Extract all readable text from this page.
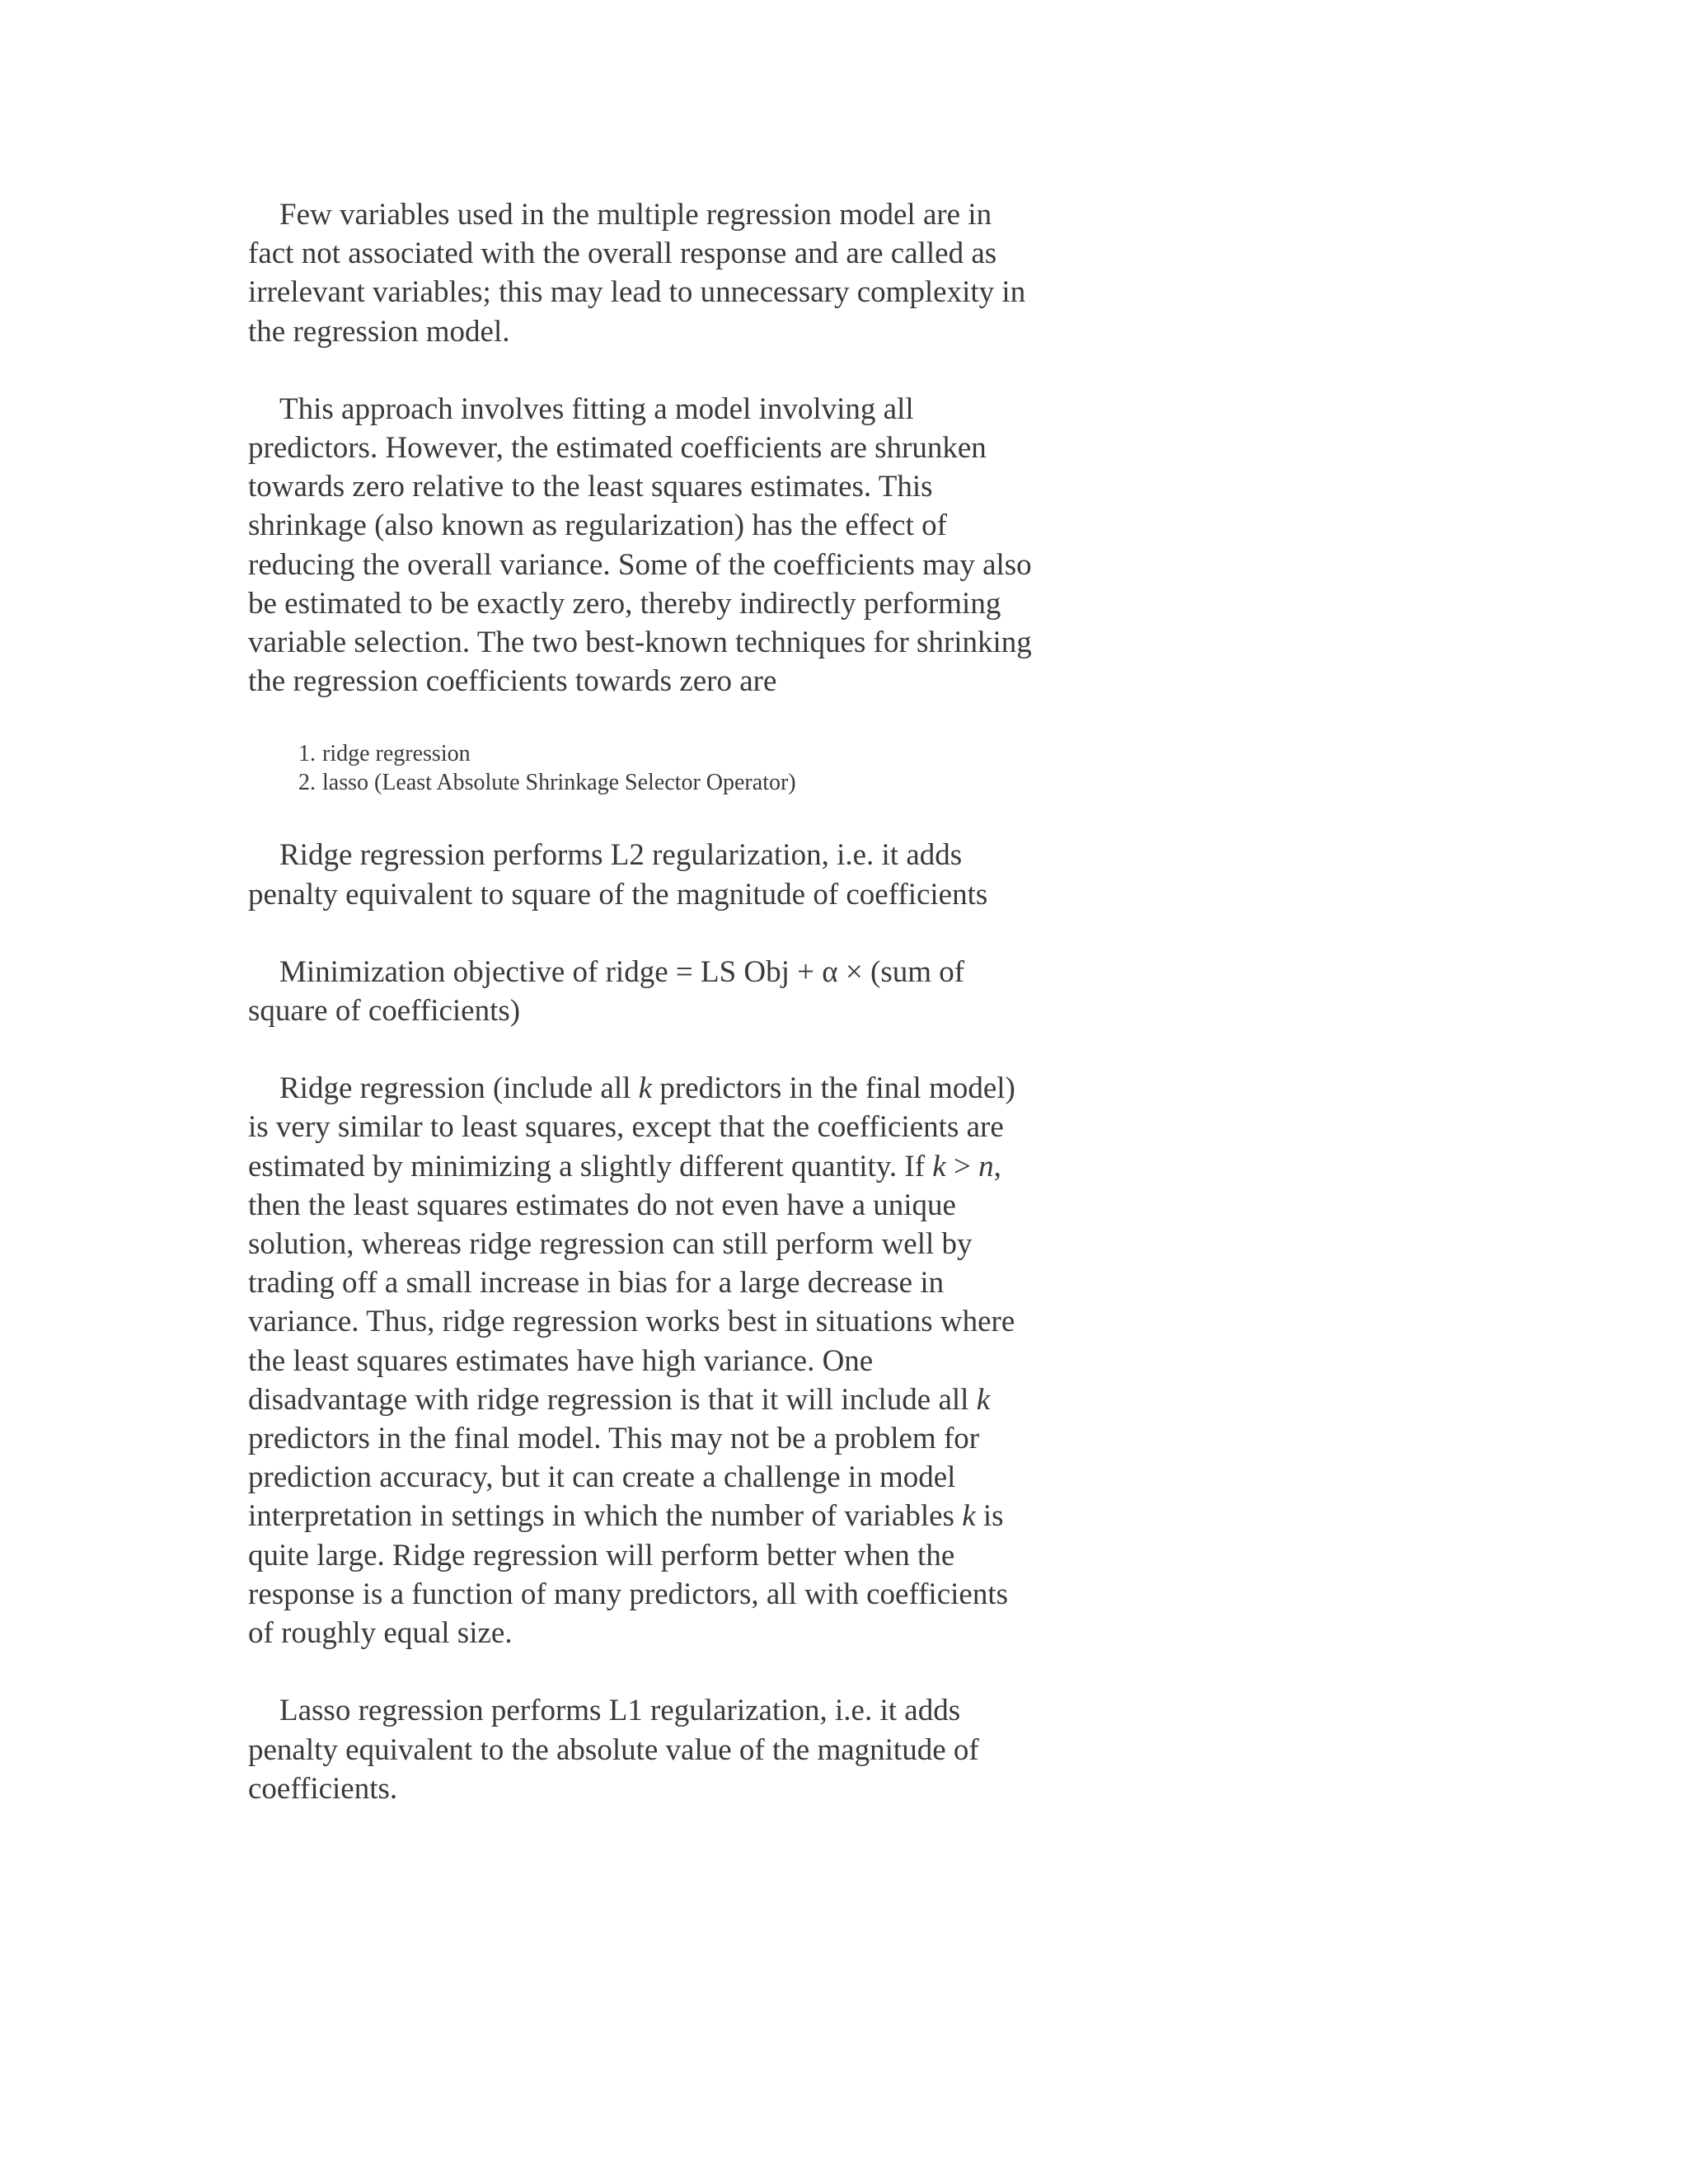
Few variables used in the multiple regression model are in fact not associated with the overall response and are called as irrelevant variables; this may lead to unnecessary complexity in the regression model.

This approach involves fitting a model involving all predictors. However, the estimated coefficients are shrunken towards zero relative to the least squares estimates. This shrinkage (also known as regularization) has the effect of reducing the overall variance. Some of the coefficients may also be estimated to be exactly zero, thereby indirectly performing variable selection. The two best-known techniques for shrinking the regression coefficients towards zero are

1. ridge regression
2. lasso (Least Absolute Shrinkage Selector Operator)

Ridge regression performs L2 regularization, i.e. it adds penalty equivalent to square of the magnitude of coefficients

Minimization objective of ridge = LS Obj + α × (sum of square of coefficients)

Ridge regression (include all k predictors in the final model) is very similar to least squares, except that the coefficients are estimated by minimizing a slightly different quantity. If k > n, then the least squares estimates do not even have a unique solution, whereas ridge regression can still perform well by trading off a small increase in bias for a large decrease in variance. Thus, ridge regression works best in situations where the least squares estimates have high variance. One disadvantage with ridge regression is that it will include all k predictors in the final model. This may not be a problem for prediction accuracy, but it can create a challenge in model interpretation in settings in which the number of variables k is quite large. Ridge regression will perform better when the response is a function of many predictors, all with coefficients of roughly equal size.

Lasso regression performs L1 regularization, i.e. it adds penalty equivalent to the absolute value of the magnitude of coefficients.
